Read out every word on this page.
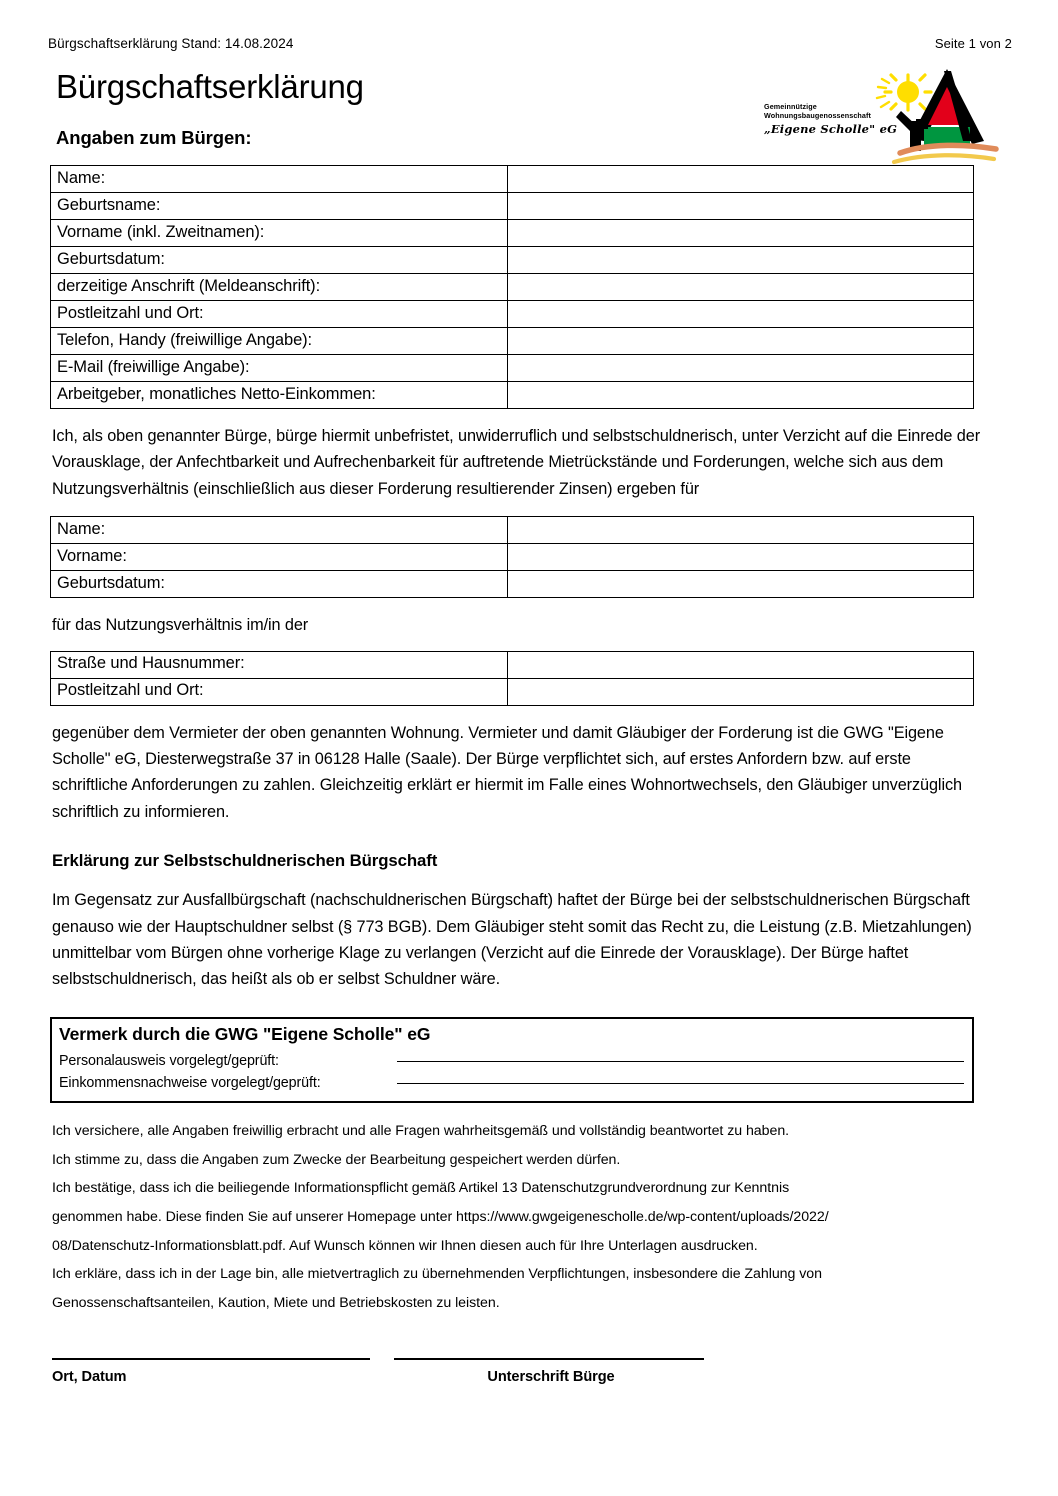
Bürgschaftserklärung Stand: 14.08.2024	Seite 1 von 2
Bürgschaftserklärung
Angaben zum Bürgen:
Gemeinnützige
Wohnungsbaugenossenschaft
„Eigene Scholle" eG
Name:	
Geburtsname:	
Vorname (inkl. Zweitnamen):	
Geburtsdatum:	
derzeitige Anschrift (Meldeanschrift):	
Postleitzahl und Ort:	
Telefon, Handy (freiwillige Angabe):	
E-Mail (freiwillige Angabe):	
Arbeitgeber, monatliches Netto-Einkommen:	

Ich, als oben genannter Bürge, bürge hiermit unbefristet, unwiderruflich und selbstschuldnerisch, unter Verzicht auf die Einrede der Vorausklage, der Anfechtbarkeit und Aufrechenbarkeit für auftretende Mietrückstände und Forderungen, welche sich aus dem Nutzungsverhältnis (einschließlich aus dieser Forderung resultierender Zinsen) ergeben für

Name:	
Vorname:	
Geburtsdatum:	

für das Nutzungsverhältnis im/in der

Straße und Hausnummer:	
Postleitzahl und Ort:	

gegenüber dem Vermieter der oben genannten Wohnung. Vermieter und damit Gläubiger der Forderung ist die GWG "Eigene Scholle" eG, Diesterwegstraße 37 in 06128 Halle (Saale). Der Bürge verpflichtet sich, auf erstes Anfordern bzw. auf erste schriftliche Anforderungen zu zahlen. Gleichzeitig erklärt er hiermit im Falle eines Wohnortwechsels, den Gläubiger unverzüglich schriftlich zu informieren.

Erklärung zur Selbstschuldnerischen Bürgschaft

Im Gegensatz zur Ausfallbürgschaft (nachschuldnerischen Bürgschaft) haftet der Bürge bei der selbstschuldnerischen Bürgschaft genauso wie der Hauptschuldner selbst (§ 773 BGB). Dem Gläubiger steht somit das Recht zu, die Leistung (z.B. Mietzahlungen) unmittelbar vom Bürgen ohne vorherige Klage zu verlangen (Verzicht auf die Einrede der Vorausklage). Der Bürge haftet selbstschuldnerisch, das heißt als ob er selbst Schuldner wäre.

Vermerk durch die GWG "Eigene Scholle" eG
Personalausweis vorgelegt/geprüft:
Einkommensnachweise vorgelegt/geprüft:
Ich versichere, alle Angaben freiwillig erbracht und alle Fragen wahrheitsgemäß und vollständig beantwortet zu haben.
Ich stimme zu, dass die Angaben zum Zwecke der Bearbeitung gespeichert werden dürfen.
Ich bestätige, dass ich die beiliegende Informationspflicht gemäß Artikel 13 Datenschutzgrundverordnung zur Kenntnis
genommen habe. Diese finden Sie auf unserer Homepage unter https://www.gwgeigenescholle.de/wp-content/uploads/2022/
08/Datenschutz-Informationsblatt.pdf. Auf Wunsch können wir Ihnen diesen auch für Ihre Unterlagen ausdrucken.
Ich erkläre, dass ich in der Lage bin, alle mietvertraglich zu übernehmenden Verpflichtungen, insbesondere die Zahlung von
Genossenschaftsanteilen, Kaution, Miete und Betriebskosten zu leisten.
Ort, Datum	Unterschrift Bürge
